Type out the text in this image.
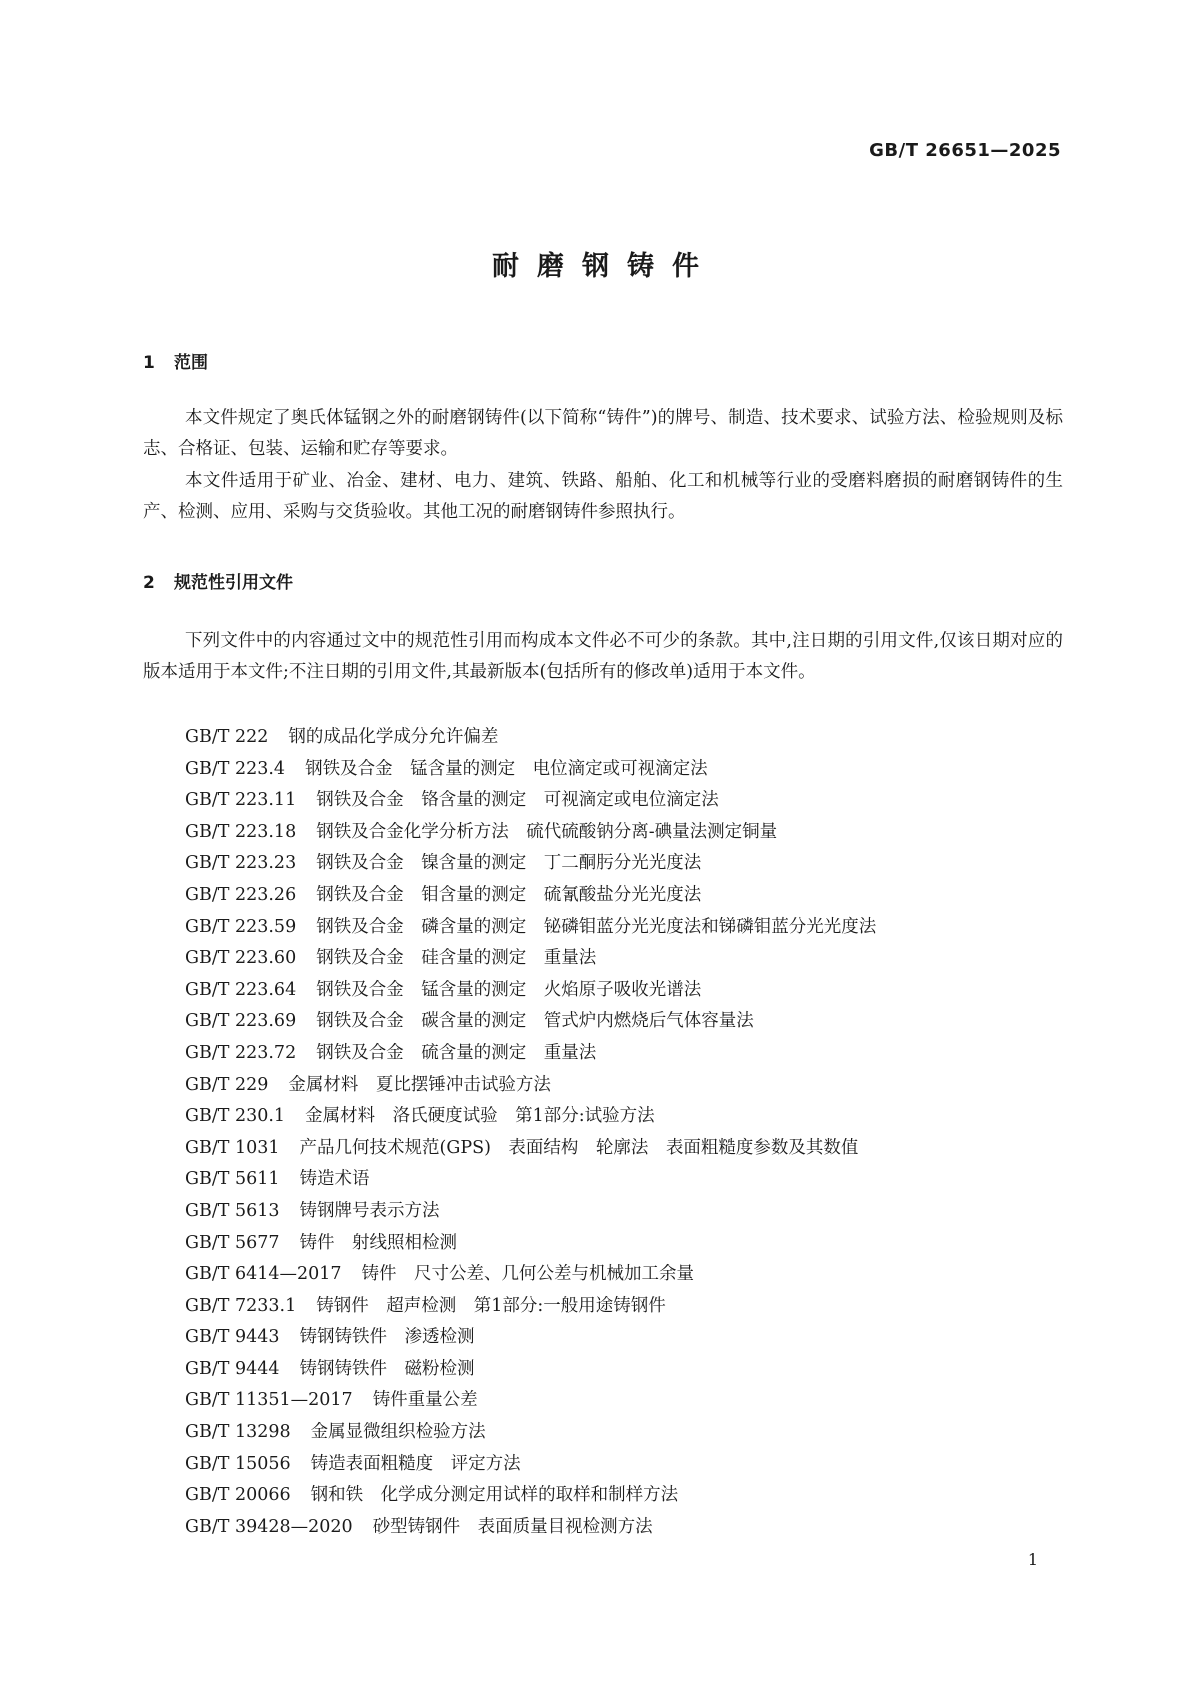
GB/T 26651—2025
耐磨钢铸件
1 范围

本文件规定了奥氏体锰钢之外的耐磨钢铸件(以下简称“铸件”)的牌号、制造、技术要求、试验方法、检验规则及标志、合格证、包装、运输和贮存等要求。

本文件适用于矿业、冶金、建材、电力、建筑、铁路、船舶、化工和机械等行业的受磨料磨损的耐磨钢铸件的生产、检测、应用、采购与交货验收。其他工况的耐磨钢铸件参照执行。

2 规范性引用文件

下列文件中的内容通过文中的规范性引用而构成本文件必不可少的条款。其中,注日期的引用文件,仅该日期对应的版本适用于本文件;不注日期的引用文件,其最新版本(包括所有的修改单)适用于本文件。

GB/T 222 钢的成品化学成分允许偏差
GB/T 223.4 钢铁及合金　锰含量的测定　电位滴定或可视滴定法
GB/T 223.11 钢铁及合金　铬含量的测定　可视滴定或电位滴定法
GB/T 223.18 钢铁及合金化学分析方法　硫代硫酸钠分离-碘量法测定铜量
GB/T 223.23 钢铁及合金　镍含量的测定　丁二酮肟分光光度法
GB/T 223.26 钢铁及合金　钼含量的测定　硫氰酸盐分光光度法
GB/T 223.59 钢铁及合金　磷含量的测定　铋磷钼蓝分光光度法和锑磷钼蓝分光光度法
GB/T 223.60 钢铁及合金　硅含量的测定　重量法
GB/T 223.64 钢铁及合金　锰含量的测定　火焰原子吸收光谱法
GB/T 223.69 钢铁及合金　碳含量的测定　管式炉内燃烧后气体容量法
GB/T 223.72 钢铁及合金　硫含量的测定　重量法
GB/T 229 金属材料　夏比摆锤冲击试验方法
GB/T 230.1 金属材料　洛氏硬度试验　第1部分:试验方法
GB/T 1031 产品几何技术规范(GPS)　表面结构　轮廓法　表面粗糙度参数及其数值
GB/T 5611 铸造术语
GB/T 5613 铸钢牌号表示方法
GB/T 5677 铸件　射线照相检测
GB/T 6414—2017 铸件　尺寸公差、几何公差与机械加工余量
GB/T 7233.1 铸钢件　超声检测　第1部分:一般用途铸钢件
GB/T 9443 铸钢铸铁件　渗透检测
GB/T 9444 铸钢铸铁件　磁粉检测
GB/T 11351—2017 铸件重量公差
GB/T 13298 金属显微组织检验方法
GB/T 15056 铸造表面粗糙度　评定方法
GB/T 20066 钢和铁　化学成分测定用试样的取样和制样方法
GB/T 39428—2020 砂型铸钢件　表面质量目视检测方法
1
